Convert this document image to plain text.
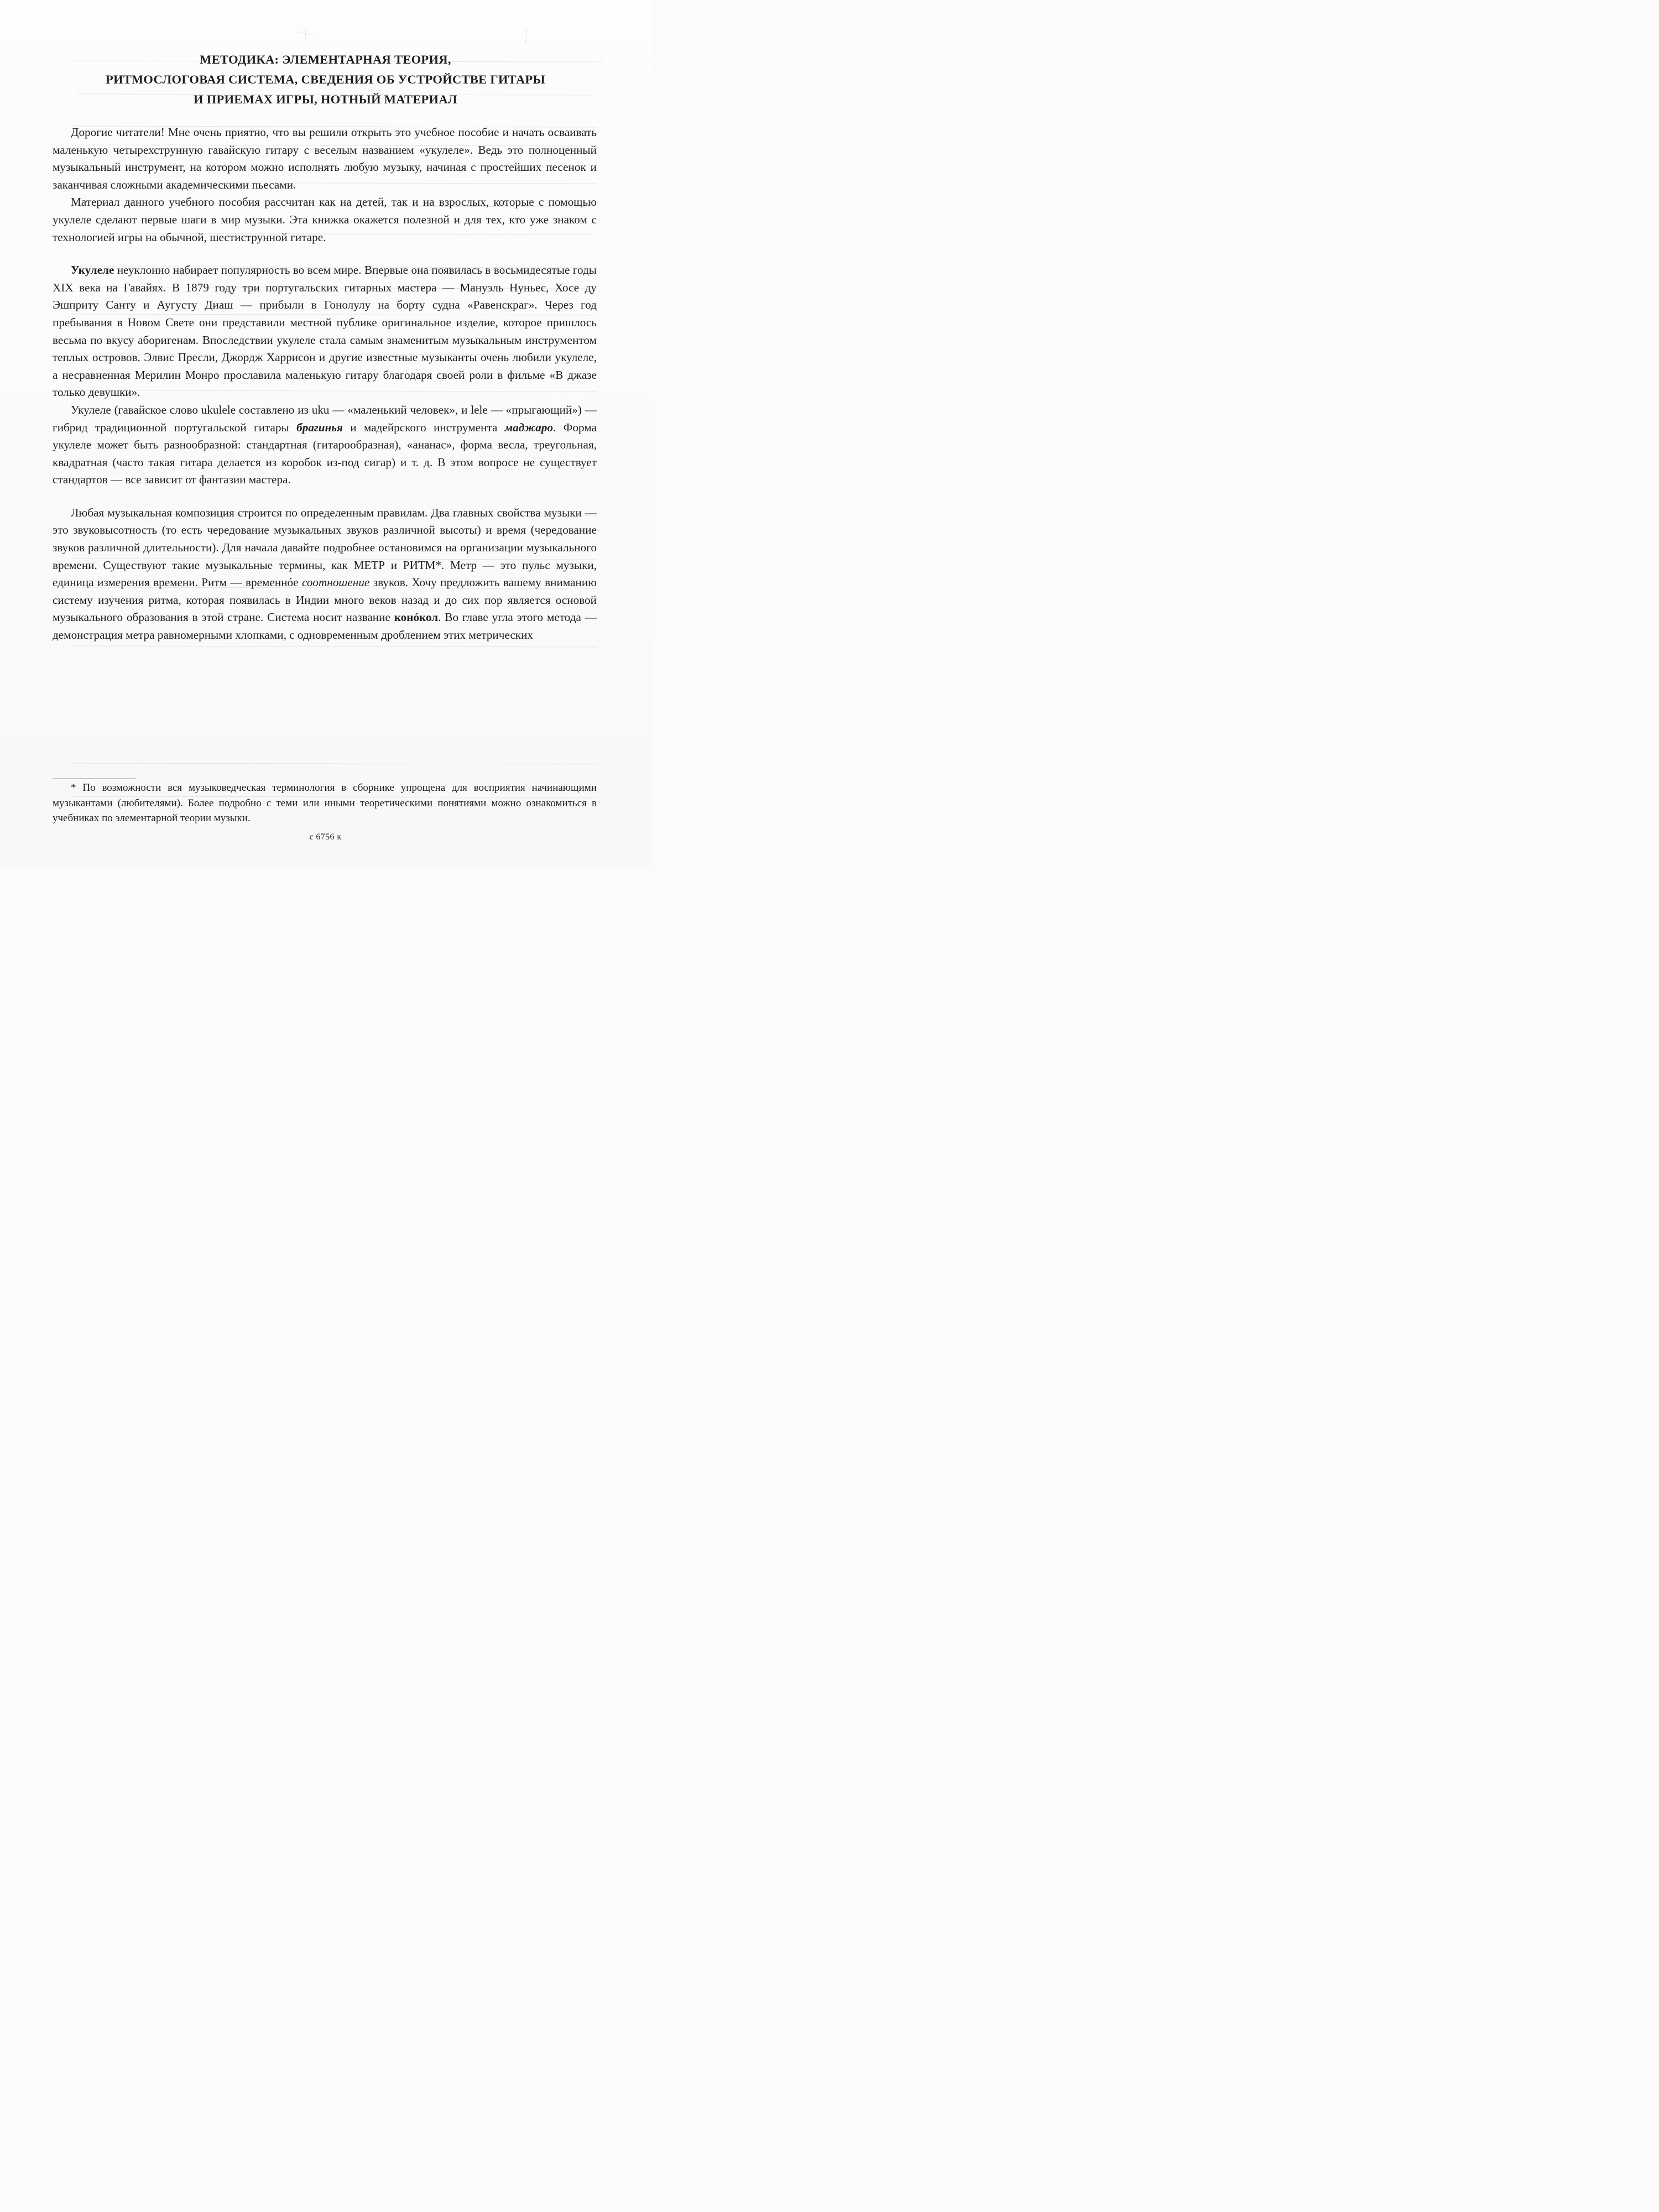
МЕТОДИКА: ЭЛЕМЕНТАРНАЯ ТЕОРИЯ,
РИТМОСЛОГОВАЯ СИСТЕМА, СВЕДЕНИЯ ОБ УСТРОЙСТВЕ ГИТАРЫ
И ПРИЕМАХ ИГРЫ, НОТНЫЙ МАТЕРИАЛ

Дорогие читатели! Мне очень приятно, что вы решили открыть это учебное пособие и начать осваивать маленькую четырехструнную гавайскую гитару с веселым названием «укулеле». Ведь это полноценный музыкальный инструмент, на котором можно исполнять любую музыку, начиная с простейших песенок и заканчивая сложными академическими пьесами.

Материал данного учебного пособия рассчитан как на детей, так и на взрослых, которые с помощью укулеле сделают первые шаги в мир музыки. Эта книжка окажется полезной и для тех, кто уже знаком с технологией игры на обычной, шестиструнной гитаре.

Укулеле неуклонно набирает популярность во всем мире. Впервые она появилась в восьмидесятые годы XIX века на Гавайях. В 1879 году три португальских гитарных мастера — Мануэль Нуньес, Хосе ду Эшприту Санту и Аугусту Диаш — прибыли в Гонолулу на борту судна «Равенскраг». Через год пребывания в Новом Свете они представили местной публике оригинальное изделие, которое пришлось весьма по вкусу аборигенам. Впоследствии укулеле стала самым знаменитым музыкальным инструментом теплых островов. Элвис Пресли, Джордж Харрисон и другие известные музыканты очень любили укулеле, а несравненная Мерилин Монро прославила маленькую гитару благодаря своей роли в фильме «В джазе только девушки».

Укулеле (гавайское слово ukulele составлено из uku — «маленький человек», и lele — «прыгающий») — гибрид традиционной португальской гитары брагинья и мадейрского инструмента маджаро. Форма укулеле может быть разнообразной: стандартная (гитарообразная), «ананас», форма весла, треугольная, квадратная (часто такая гитара делается из коробок из-под сигар) и т. д. В этом вопросе не существует стандартов — все зависит от фантазии мастера.

Любая музыкальная композиция строится по определенным правилам. Два главных свойства музыки — это звуковысотность (то есть чередование музыкальных звуков различной высоты) и время (чередование звуков различной длительности). Для начала давайте подробнее остановимся на организации музыкального времени. Существуют такие музыкальные термины, как МЕТР и РИТМ*. Метр — это пульс музыки, единица измерения времени. Ритм — временнóе соотношение звуков. Хочу предложить вашему вниманию систему изучения ритма, которая появилась в Индии много веков назад и до сих пор является основой музыкального образования в этой стране. Система носит название конóкол. Во главе угла этого метода — демонстрация метра равномерными хлопками, с одновременным дроблением этих метрических

* По возможности вся музыковедческая терминология в сборнике упрощена для восприятия начинающими музыкантами (любителями). Более подробно с теми или иными теоретическими понятиями можно ознакомиться в учебниках по элементарной теории музыки.

с 6756 к
